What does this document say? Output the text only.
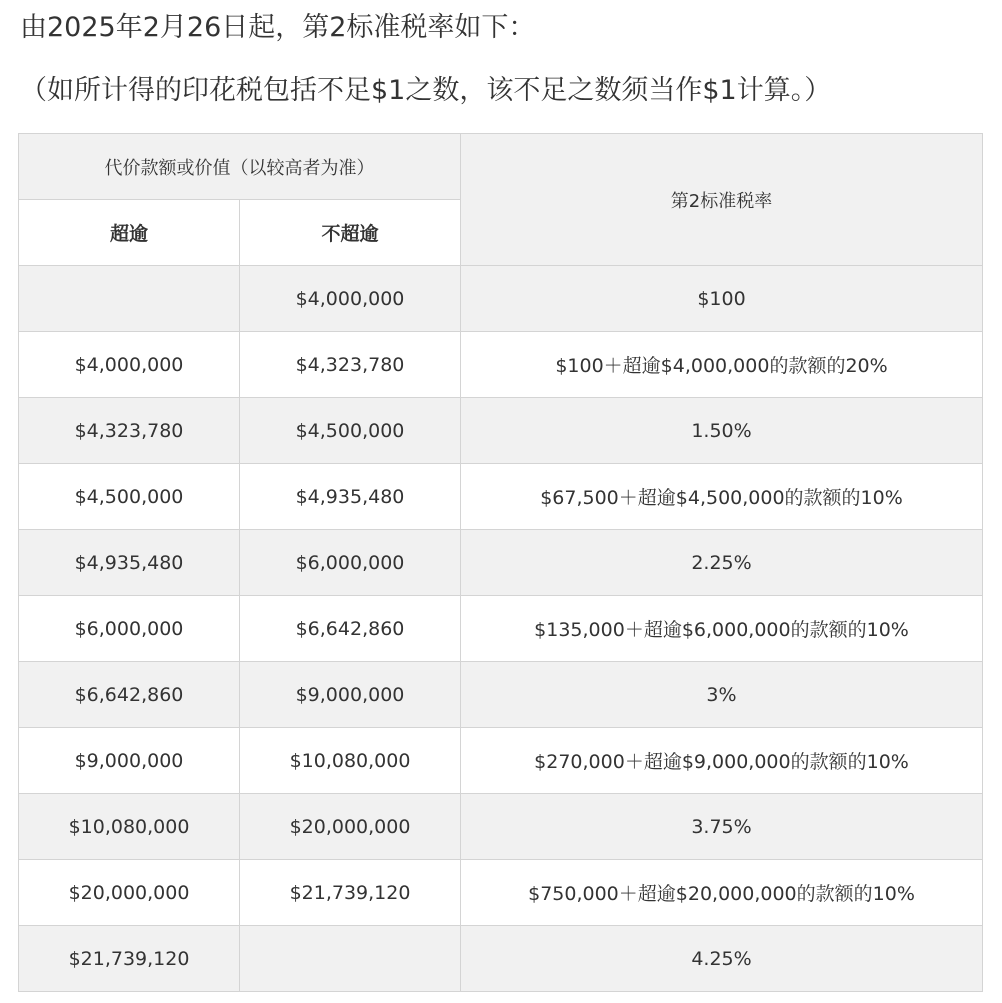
由2025年2月26日起，第2标准税率如下：
（如所计得的印花税包括不足$1之数，该不足之数须当作$1计算。）
代价款额或价值（以较高者为准）		第2标准税率
超逾	不超逾	
	$4,000,000	$100
$4,000,000	$4,323,780	$100＋超逾$4,000,000的款额的20%
$4,323,780	$4,500,000	1.50%
$4,500,000	$4,935,480	$67,500＋超逾$4,500,000的款额的10%
$4,935,480	$6,000,000	2.25%
$6,000,000	$6,642,860	$135,000＋超逾$6,000,000的款额的10%
$6,642,860	$9,000,000	3%
$9,000,000	$10,080,000	$270,000＋超逾$9,000,000的款额的10%
$10,080,000	$20,000,000	3.75%
$20,000,000	$21,739,120	$750,000＋超逾$20,000,000的款额的10%
$21,739,120		4.25%
